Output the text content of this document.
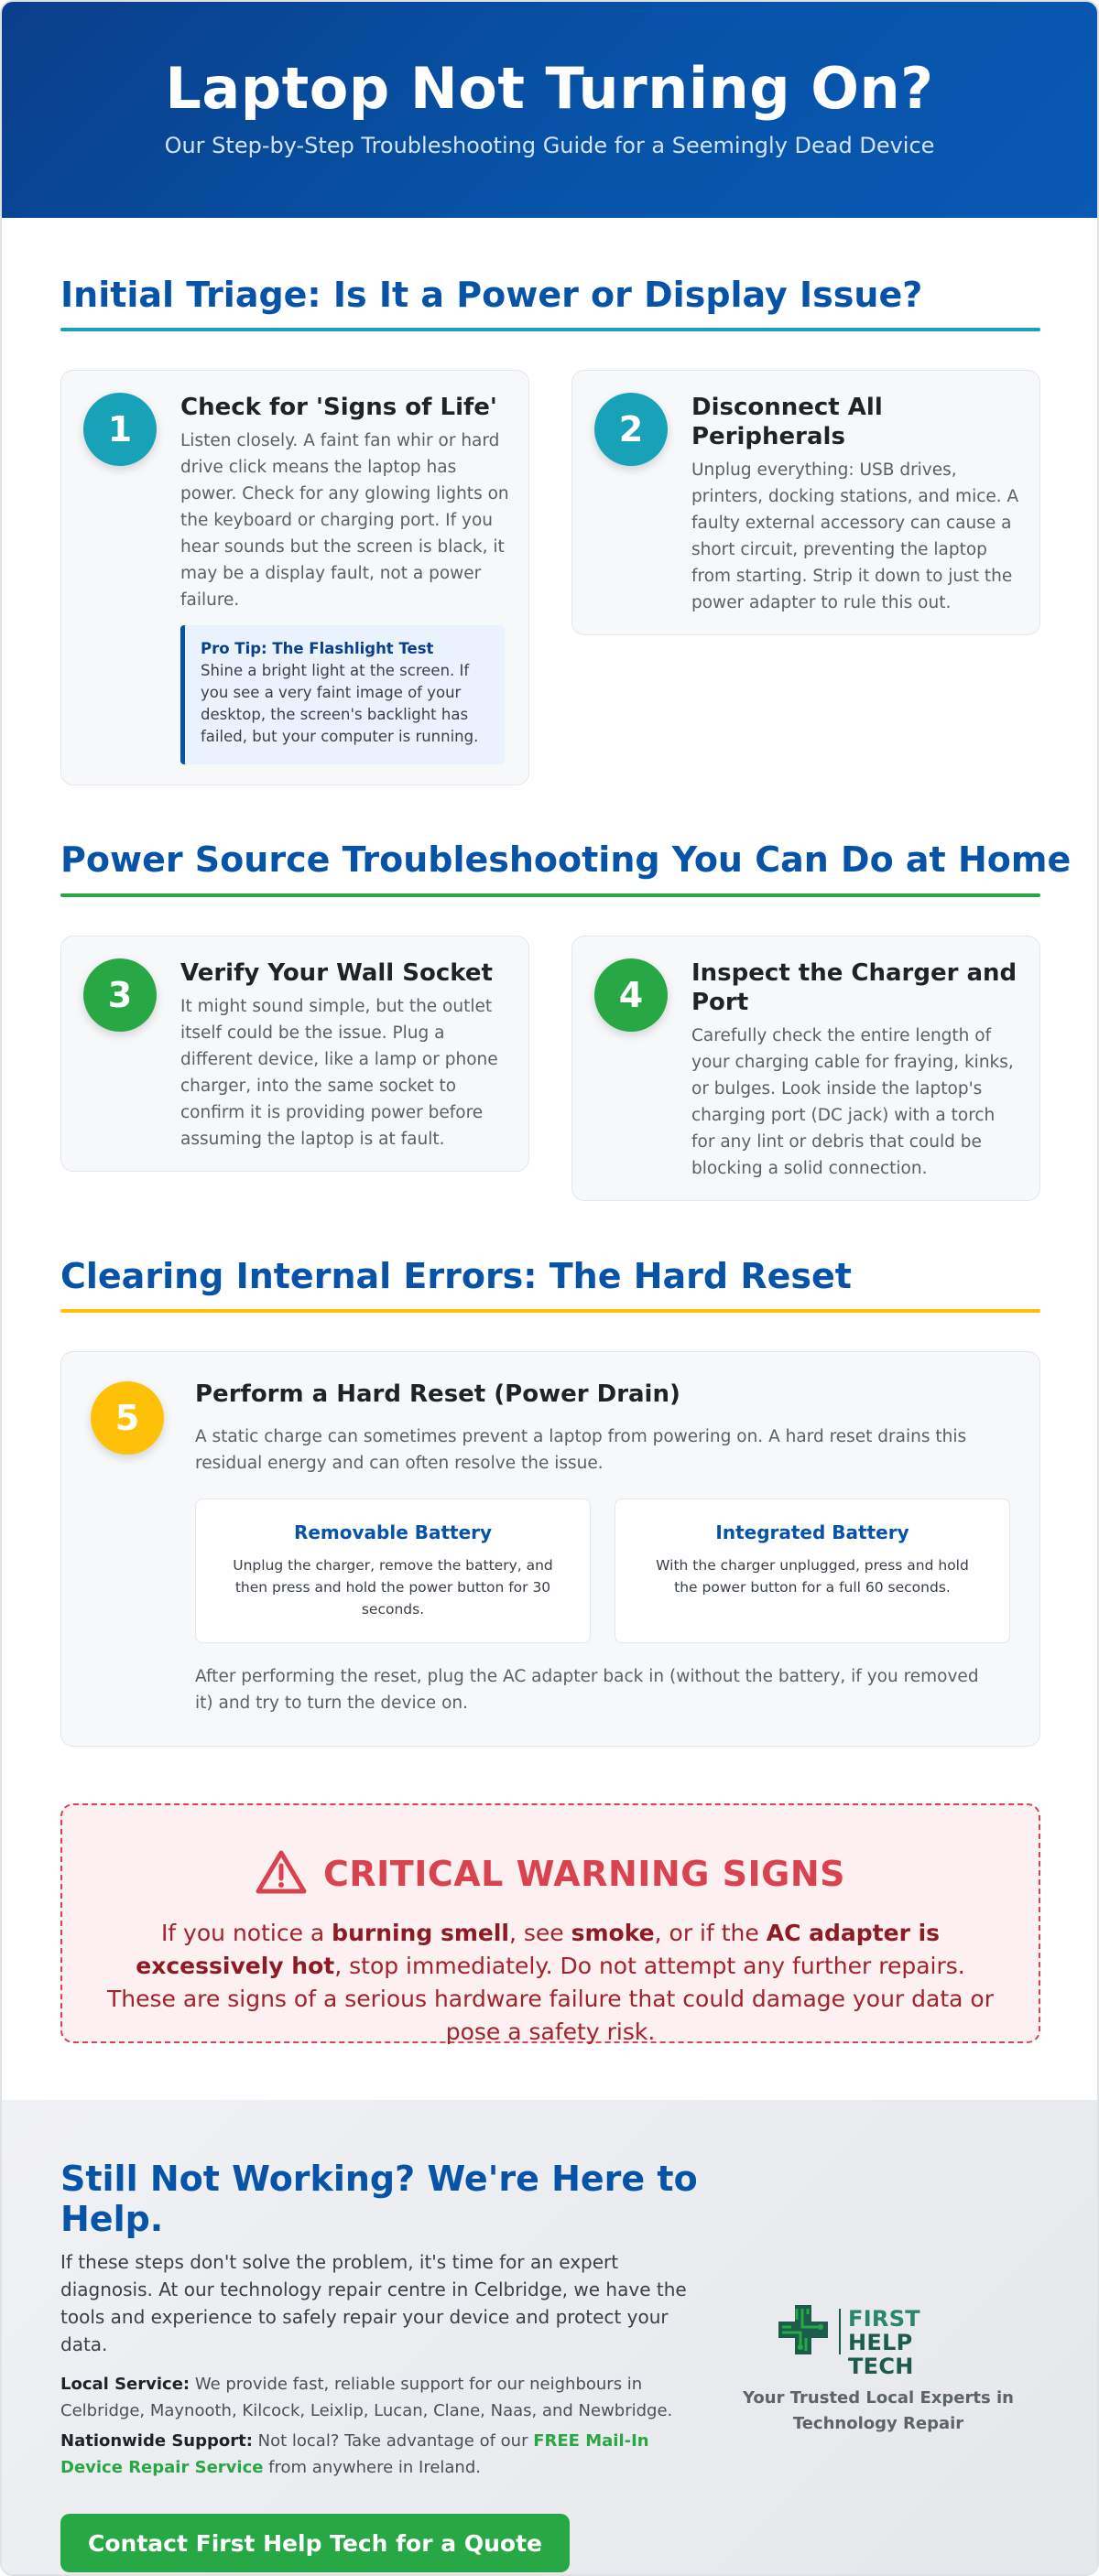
Laptop Not Turning On?
Our Step-by-Step Troubleshooting Guide for a Seemingly Dead Device
Initial Triage: Is It a Power or Display Issue?
1
Check for 'Signs of Life'
Listen closely. A faint fan whir or hard drive click means the laptop has power. Check for any glowing lights on the keyboard or charging port. If you hear sounds but the screen is black, it may be a display fault, not a power failure.
Pro Tip: The Flashlight Test
Shine a bright light at the screen. If you see a very faint image of your desktop, the screen's backlight has failed, but your computer is running.
2
Disconnect All Peripherals
Unplug everything: USB drives, printers, docking stations, and mice. A faulty external accessory can cause a short circuit, preventing the laptop from starting. Strip it down to just the power adapter to rule this out.
Power Source Troubleshooting You Can Do at Home
3
Verify Your Wall Socket
It might sound simple, but the outlet itself could be the issue. Plug a different device, like a lamp or phone charger, into the same socket to confirm it is providing power before assuming the laptop is at fault.
4
Inspect the Charger and Port
Carefully check the entire length of your charging cable for fraying, kinks, or bulges. Look inside the laptop's charging port (DC jack) with a torch for any lint or debris that could be blocking a solid connection.
Clearing Internal Errors: The Hard Reset
5
Perform a Hard Reset (Power Drain)
A static charge can sometimes prevent a laptop from powering on. A hard reset drains this residual energy and can often resolve the issue.
Removable Battery
Unplug the charger, remove the battery, and then press and hold the power button for 30 seconds.
Integrated Battery
With the charger unplugged, press and hold the power button for a full 60 seconds.
After performing the reset, plug the AC adapter back in (without the battery, if you removed it) and try to turn the device on.
CRITICAL WARNING SIGNS
If you notice a burning smell, see smoke, or if the AC adapter is excessively hot, stop immediately. Do not attempt any further repairs. These are signs of a serious hardware failure that could damage your data or pose a safety risk.
Still Not Working? We're Here to Help.
If these steps don't solve the problem, it's time for an expert diagnosis. At our technology repair centre in Celbridge, we have the tools and experience to safely repair your device and protect your data.
Local Service: We provide fast, reliable support for our neighbours in Celbridge, Maynooth, Kilcock, Leixlip, Lucan, Clane, Naas, and Newbridge.
Nationwide Support: Not local? Take advantage of our FREE Mail-In Device Repair Service from anywhere in Ireland.
Contact First Help Tech for a Quote
FIRST
HELP TECH
Your Trusted Local Experts in Technology Repair
